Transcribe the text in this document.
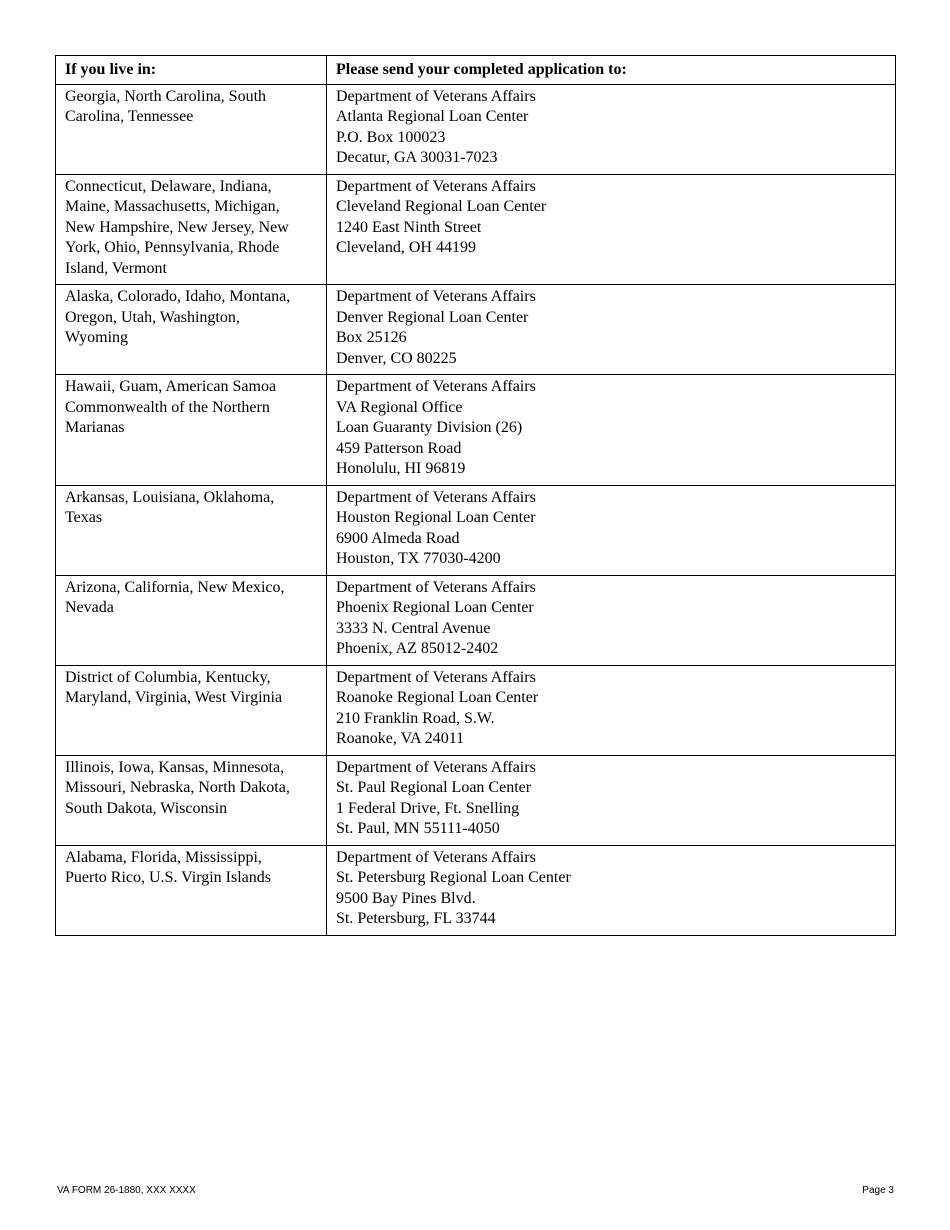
If you live in:	Please send your completed application to:

Georgia, North Carolina, South
Carolina, Tennessee	Department of Veterans Affairs
Atlanta Regional Loan Center
P.O. Box 100023
Decatur, GA 30031-7023

Connecticut, Delaware, Indiana,
Maine, Massachusetts, Michigan,
New Hampshire, New Jersey, New
York, Ohio, Pennsylvania, Rhode
Island, Vermont	Department of Veterans Affairs
Cleveland Regional Loan Center
1240 East Ninth Street
Cleveland, OH 44199

Alaska, Colorado, Idaho, Montana,
Oregon, Utah, Washington,
Wyoming	Department of Veterans Affairs
Denver Regional Loan Center
Box 25126
Denver, CO 80225

Hawaii, Guam, American Samoa
Commonwealth of the Northern
Marianas	Department of Veterans Affairs
VA Regional Office
Loan Guaranty Division (26)
459 Patterson Road
Honolulu, HI 96819

Arkansas, Louisiana, Oklahoma,
Texas	Department of Veterans Affairs
Houston Regional Loan Center
6900 Almeda Road
Houston, TX 77030-4200

Arizona, California, New Mexico,
Nevada	Department of Veterans Affairs
Phoenix Regional Loan Center
3333 N. Central Avenue
Phoenix, AZ 85012-2402

District of Columbia, Kentucky,
Maryland, Virginia, West Virginia	Department of Veterans Affairs
Roanoke Regional Loan Center
210 Franklin Road, S.W.
Roanoke, VA 24011

Illinois, Iowa, Kansas, Minnesota,
Missouri, Nebraska, North Dakota,
South Dakota, Wisconsin	Department of Veterans Affairs
St. Paul Regional Loan Center
1 Federal Drive, Ft. Snelling
St. Paul, MN 55111-4050

Alabama, Florida, Mississippi,
Puerto Rico, U.S. Virgin Islands	Department of Veterans Affairs
St. Petersburg Regional Loan Center
9500 Bay Pines Blvd.
St. Petersburg, FL 33744
VA FORM 26-1880, XXX XXXX	Page 3
